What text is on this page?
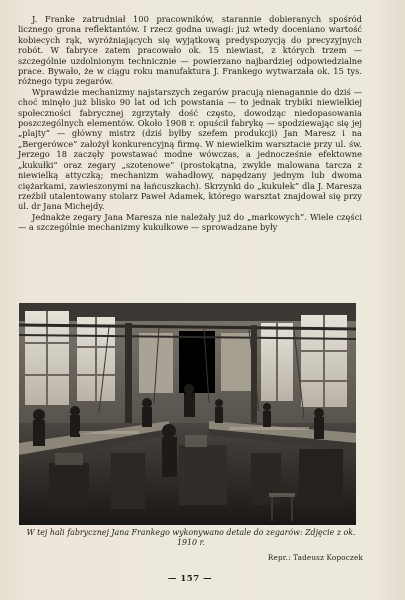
J. Franke zatrudniał 100 pracowników, starannie dobieranych spośród licznego grona reflektantów. I rzecz godna uwagi: już wtedy doceniano wartość kobiecych rąk, wyróżniających się wyjątkową predyspozycją do precyzyjnych robót. W fabryce zatem pracowało ok. 15 niewiast, z których trzem — szczególnie uzdolnionym technicznie — powierzano najbardziej odpowiedzialne prace. Bywało, że w ciągu roku manufaktura J. Frankego wytwarzała ok. 15 tys. różnego typu zegarów.

Wprawdzie mechanizmy najstarszych zegarów pracują nienagannie do dziś — choć minęło już blisko 90 lat od ich powstania — to jednak trybiki niewielkiej społeczności fabrycznej zgrzytały dość często, dowodząc niedopasowania poszczególnych elementów. Około 1908 r. opuścił fabrykę — spodziewając się jej „plajty” — główny mistrz (dziś byłby szefem produkcji) Jan Maresz i na „Bergerówce” założył konkurencyjną firmę. W niewielkim warsztacie przy ul. św. Jerzego 18 zaczęły powstawać modne wówczas, a jednocześnie efektowne „kukułki” oraz zegary „szotenowe” (prostokątna, zwykle malowana tarcza z niewielką attyczką; mechanizm wahadłowy, napędzany jednym lub dwoma ciężarkami, zawieszonymi na łańcuszkach). Skrzynki do „kukułek” dla J. Maresza rzeźbił utalentowany stolarz Paweł Adamek, którego warsztat znajdował się przy ul. dr Jana Michejdy.

Jednakże zegary Jana Maresza nie należały już do „markowych”. Wiele części — a szczególnie mechanizmy kukułkowe — sprowadzane były

W tej hali fabrycznej Jana Frankego wykonywano detale do zegarów: Zdjęcie z ok. 1910 r.
Repr.: Tadeusz Kopoczek
— 157 —
